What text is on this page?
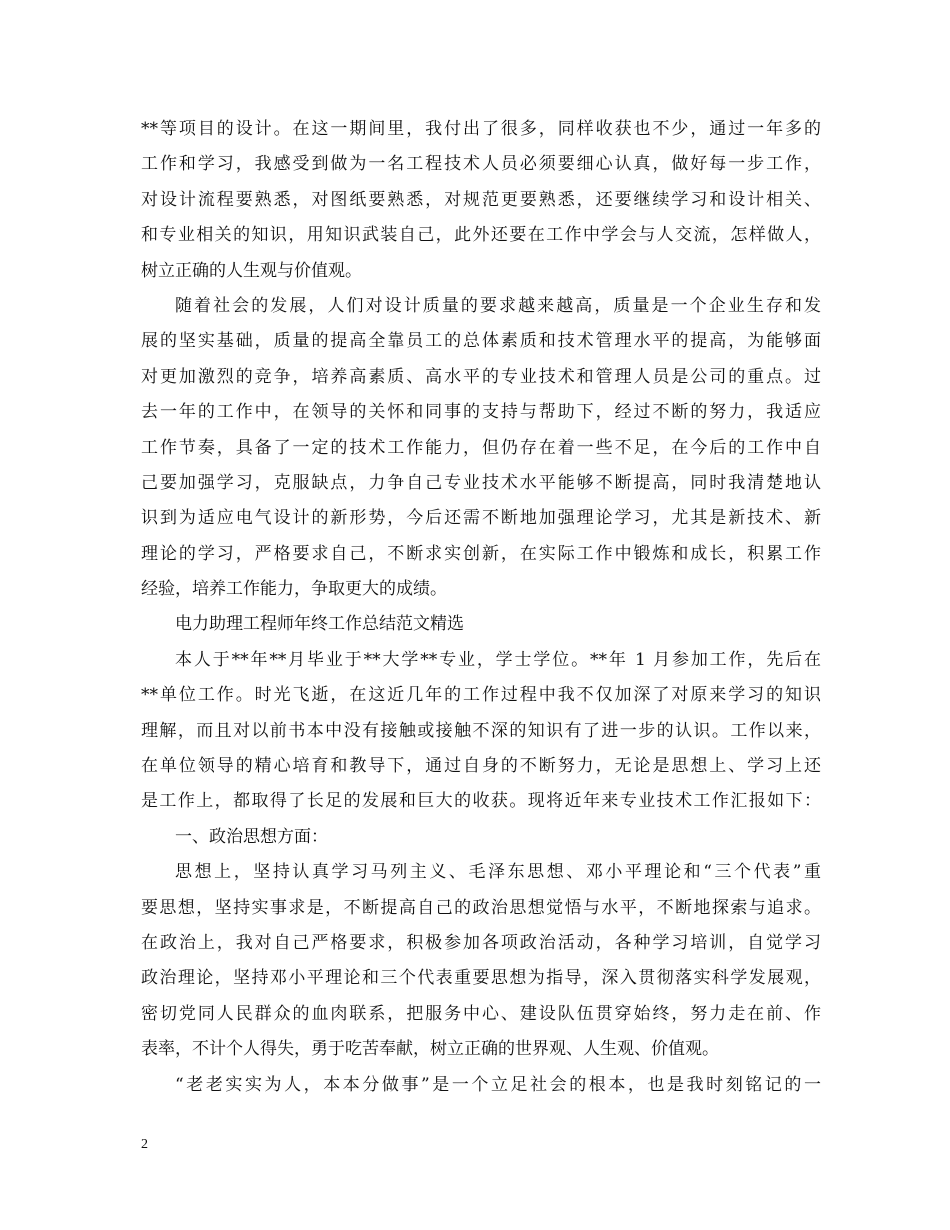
**等项目的设计。在这一期间里，我付出了很多，同样收获也不少，通过一年多的
工作和学习，我感受到做为一名工程技术人员必须要细心认真，做好每一步工作，
对设计流程要熟悉，对图纸要熟悉，对规范更要熟悉，还要继续学习和设计相关、
和专业相关的知识，用知识武装自己，此外还要在工作中学会与人交流，怎样做人，
树立正确的人生观与价值观。
随着社会的发展，人们对设计质量的要求越来越高，质量是一个企业生存和发
展的坚实基础，质量的提高全靠员工的总体素质和技术管理水平的提高，为能够面
对更加激烈的竞争，培养高素质、高水平的专业技术和管理人员是公司的重点。过
去一年的工作中，在领导的关怀和同事的支持与帮助下，经过不断的努力，我适应
工作节奏，具备了一定的技术工作能力，但仍存在着一些不足，在今后的工作中自
己要加强学习，克服缺点，力争自己专业技术水平能够不断提高，同时我清楚地认
识到为适应电气设计的新形势，今后还需不断地加强理论学习，尤其是新技术、新
理论的学习，严格要求自己，不断求实创新，在实际工作中锻炼和成长，积累工作
经验，培养工作能力，争取更大的成绩。
电力助理工程师年终工作总结范文精选
本人于**年**月毕业于**大学**专业，学士学位。**年 1 月参加工作，先后在
**单位工作。时光飞逝，在这近几年的工作过程中我不仅加深了对原来学习的知识
理解，而且对以前书本中没有接触或接触不深的知识有了进一步的认识。工作以来，
在单位领导的精心培育和教导下，通过自身的不断努力，无论是思想上、学习上还
是工作上，都取得了长足的发展和巨大的收获。现将近年来专业技术工作汇报如下：
一、政治思想方面：
思想上，坚持认真学习马列主义、毛泽东思想、邓小平理论和“三个代表”重
要思想，坚持实事求是，不断提高自己的政治思想觉悟与水平，不断地探索与追求。
在政治上，我对自己严格要求，积极参加各项政治活动，各种学习培训，自觉学习
政治理论，坚持邓小平理论和三个代表重要思想为指导，深入贯彻落实科学发展观，
密切党同人民群众的血肉联系，把服务中心、建设队伍贯穿始终，努力走在前、作
表率，不计个人得失，勇于吃苦奉献，树立正确的世界观、人生观、价值观。
“老老实实为人，本本分做事”是一个立足社会的根本，也是我时刻铭记的一
2
